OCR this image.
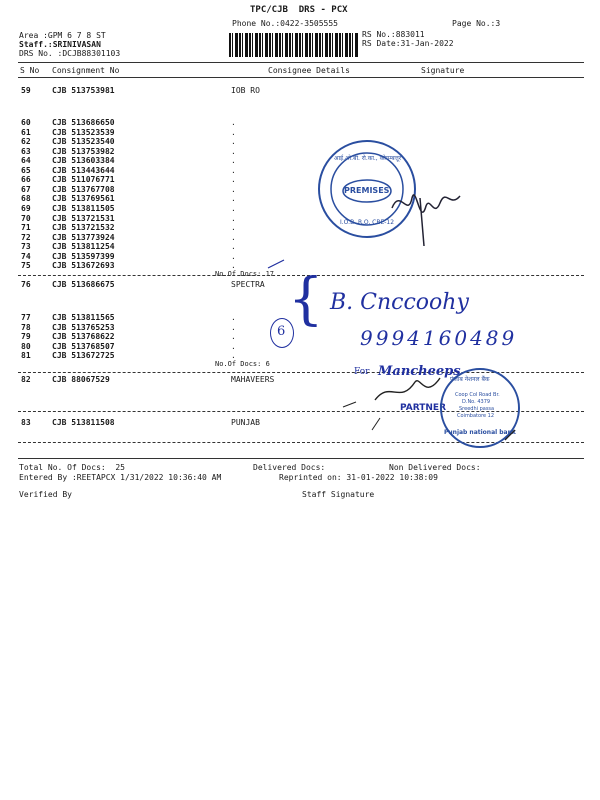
TPC/CJB  DRS - PCX
Phone No.:0422-3505555	Page No.:3
Area :GPM 6 7 8 ST
Staff.:SRINIVASAN
DRS No. :DCJB88301103
RS No.:883011
RS Date:31-Jan-2022
S No Consignment No	Consignee Details	Signature
59	CJB 513753981	IOB RO
60	CJB 513686650	.
61	CJB 513523539	.
62	CJB 513523540	.
63	CJB 513753982	.
64	CJB 513603384	.
65	CJB 513443644	.
66	CJB 511076771	.
67	CJB 513767708	.
68	CJB 513769561	.
69	CJB 513811505	.
70	CJB 513721531	.
71	CJB 513721532	.
72	CJB 513773924	.
73	CJB 513811254	.
74	CJB 513597399	.
75	CJB 513672693	.
No.Of Docs: 17
76	CJB 513686675	SPECTRA
77	CJB 513811565	.
78	CJB 513765253	.
79	CJB 513768622	.
80	CJB 513768507	.
81	CJB 513672725	.
No.Of Docs: 6
82	CJB 88067529	MAHAVEERS
83	CJB 513811508	PUNJAB
Total No. Of Docs:  25	Delivered Docs:	Non Delivered Docs:
Entered By :REETAPCX 1/31/2022 10:36:40 AM	Reprinted on: 31-01-2022 10:38:09
Verified By	Staff Signature
PREMISES
आई.ओ.बी. रो.का., कोयम्बत्तूर
I.O.B. R.O. CBE-12
{ B. Cnccoohy
9994160489
6
For Mancheeps
PARTNER
पंजाब नेशनल बैंक
Coop Col Road Br.
D.No. 4379
Sreedhi passa
Coimbatore 12
Punjab national bank
